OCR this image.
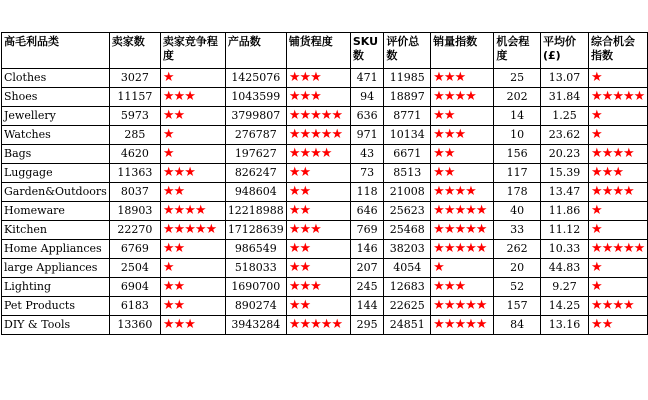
高毛利品类	卖家数	卖家竞争程度	产品数	铺货程度	SKU数	评价总数	销量指数	机会程度	平均价(£)	综合机会指数
Clothes	3027	★	1425076	★★★	471	11985	★★★	25	13.07	★
Shoes	11157	★★★	1043599	★★★	94	18897	★★★★	202	31.84	★★★★★
Jewellery	5973	★★	3799807	★★★★★	636	8771	★★	14	1.25	★
Watches	285	★	276787	★★★★★	971	10134	★★★	10	23.62	★
Bags	4620	★	197627	★★★★	43	6671	★★	156	20.23	★★★★
Luggage	11363	★★★	826247	★★	73	8513	★★	117	15.39	★★★
Garden&Outdoors	8037	★★	948604	★★	118	21008	★★★★	178	13.47	★★★★
Homeware	18903	★★★★	12218988	★★	646	25623	★★★★★	40	11.86	★
Kitchen	22270	★★★★★	17128639	★★★	769	25468	★★★★★	33	11.12	★
Home Appliances	6769	★★	986549	★★	146	38203	★★★★★	262	10.33	★★★★★
large Appliances	2504	★	518033	★★	207	4054	★	20	44.83	★
Lighting	6904	★★	1690700	★★★	245	12683	★★★	52	9.27	★
Pet Products	6183	★★	890274	★★	144	22625	★★★★★	157	14.25	★★★★
DIY & Tools	13360	★★★	3943284	★★★★★	295	24851	★★★★★	84	13.16	★★
